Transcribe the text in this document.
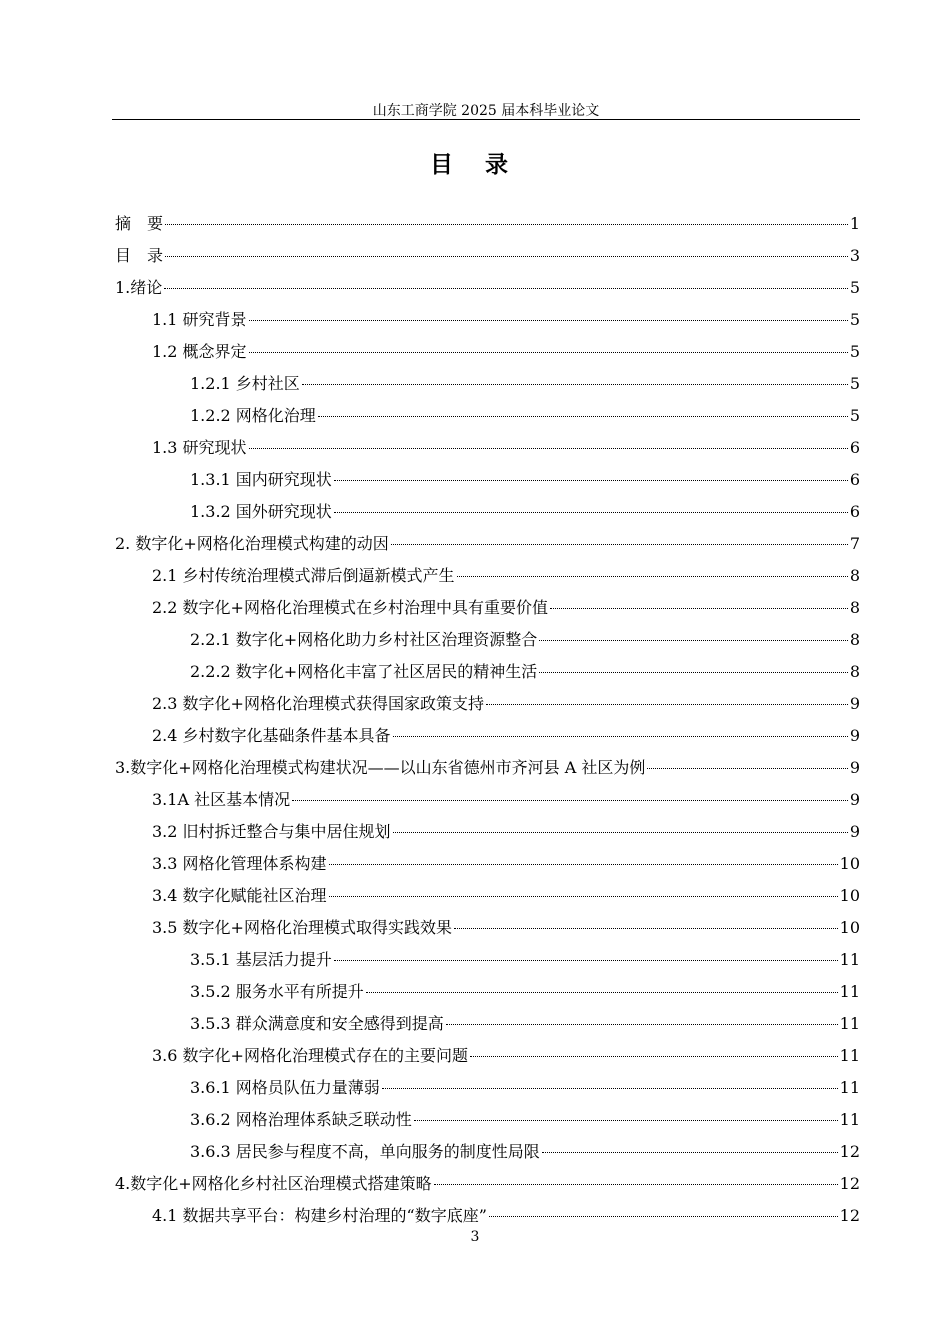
山东工商学院 2025 届本科毕业论文
目 录
摘　要	1
目　录	3
1.绪论	5
1.1 研究背景	5
1.2 概念界定	5
1.2.1 乡村社区	5
1.2.2 网格化治理	5
1.3 研究现状	6
1.3.1 国内研究现状	6
1.3.2 国外研究现状	6
2. 数字化+网格化治理模式构建的动因	7
2.1 乡村传统治理模式滞后倒逼新模式产生	8
2.2 数字化+网格化治理模式在乡村治理中具有重要价值	8
2.2.1 数字化+网格化助力乡村社区治理资源整合	8
2.2.2 数字化+网格化丰富了社区居民的精神生活	8
2.3 数字化+网格化治理模式获得国家政策支持	9
2.4 乡村数字化基础条件基本具备	9
3.数字化+网格化治理模式构建状况——以山东省德州市齐河县 A 社区为例	9
3.1A 社区基本情况	9
3.2 旧村拆迁整合与集中居住规划	9
3.3 网格化管理体系构建	10
3.4 数字化赋能社区治理	10
3.5 数字化+网格化治理模式取得实践效果	10
3.5.1 基层活力提升	11
3.5.2 服务水平有所提升	11
3.5.3 群众满意度和安全感得到提高	11
3.6 数字化+网格化治理模式存在的主要问题	11
3.6.1 网格员队伍力量薄弱	11
3.6.2 网格治理体系缺乏联动性	11
3.6.3 居民参与程度不高，单向服务的制度性局限	12
4.数字化+网格化乡村社区治理模式搭建策略	12
4.1 数据共享平台：构建乡村治理的“数字底座”	12
3
